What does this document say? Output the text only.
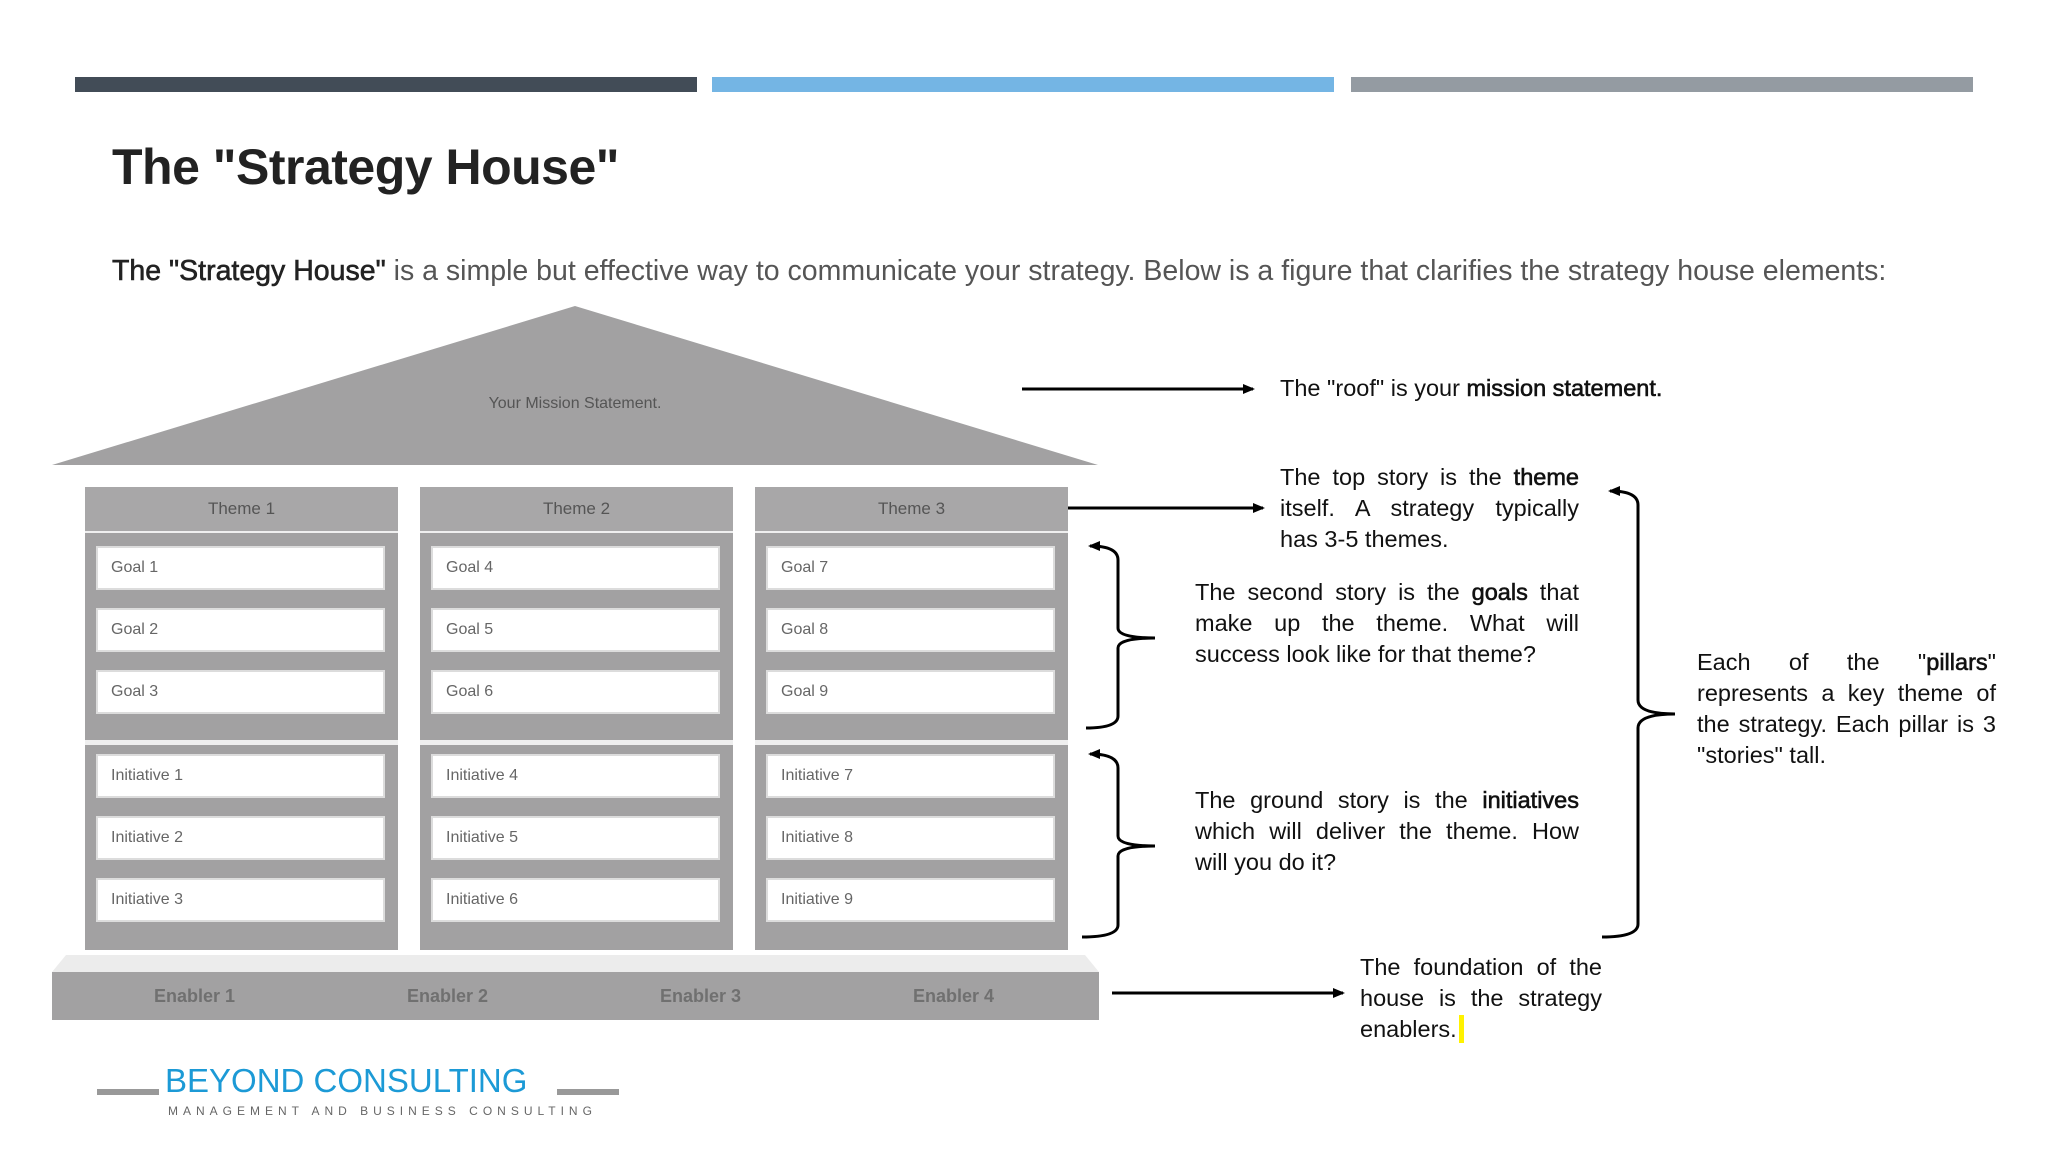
The "Strategy House"
The "Strategy House" is a simple but effective way to communicate your strategy. Below is a figure that clarifies the strategy house elements:
Your Mission Statement.
Theme 1
Goal 1
Goal 2
Goal 3
Initiative 1
Initiative 2
Initiative 3
Theme 2
Goal 4
Goal 5
Goal 6
Initiative 4
Initiative 5
Initiative 6
Theme 3
Goal 7
Goal 8
Goal 9
Initiative 7
Initiative 8
Initiative 9
Enabler 1	Enabler 2	Enabler 3	Enabler 4
The "roof" is your mission statement.
The top story is the theme itself. A strategy typically has 3-5 themes.
The second story is the goals that make up the theme. What will success look like for that theme?
The ground story is the initiatives which will deliver the theme. How will you do it?
Each of the "pillars" represents a key theme of the strategy. Each pillar is 3 "stories" tall.
The foundation of the house is the strategy enablers.
BEYOND CONSULTING
MANAGEMENT AND BUSINESS CONSULTING
